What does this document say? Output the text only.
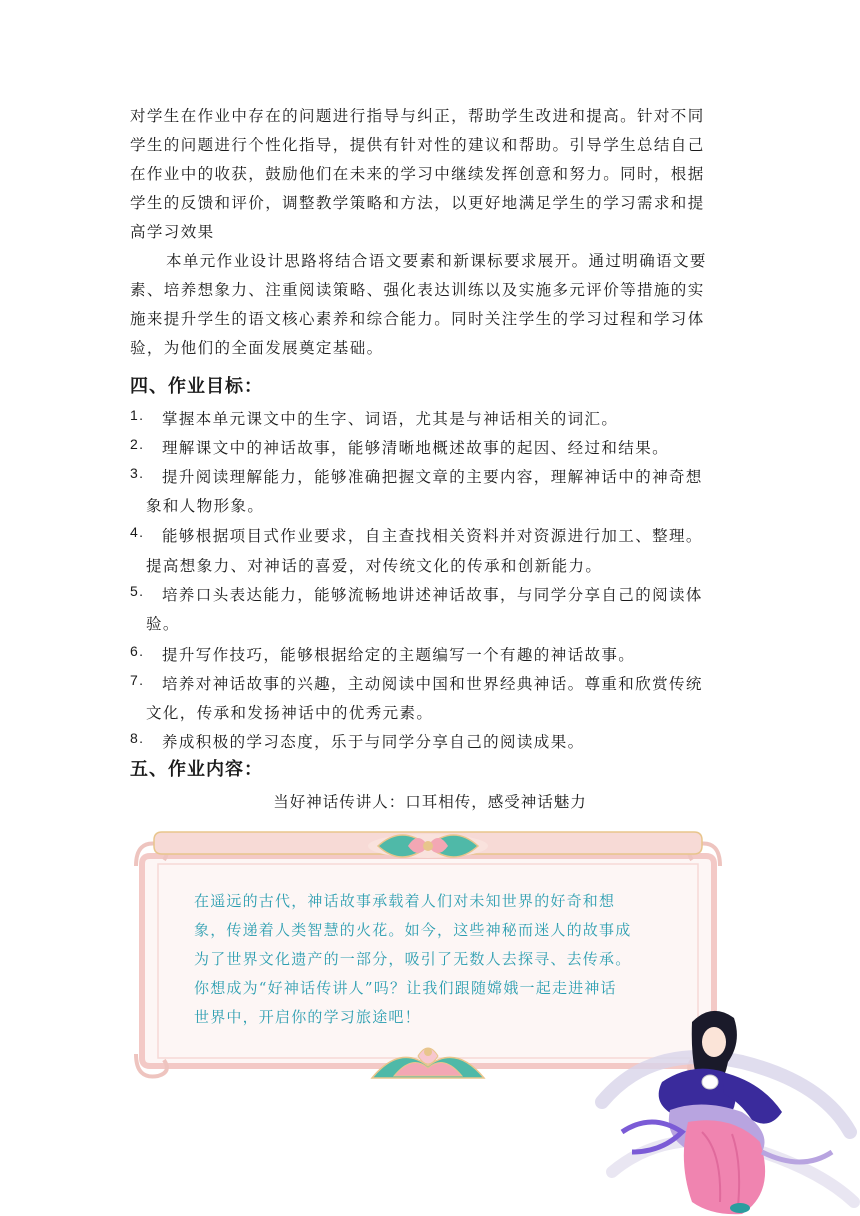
对学生在作业中存在的问题进行指导与纠正，帮助学生改进和提高。针对不同
学生的问题进行个性化指导，提供有针对性的建议和帮助。引导学生总结自己
在作业中的收获，鼓励他们在未来的学习中继续发挥创意和努力。同时，根据
学生的反馈和评价，调整教学策略和方法，以更好地满足学生的学习需求和提
高学习效果
本单元作业设计思路将结合语文要素和新课标要求展开。通过明确语文要
素、培养想象力、注重阅读策略、强化表达训练以及实施多元评价等措施的实
施来提升学生的语文核心素养和综合能力。同时关注学生的学习过程和学习体
验，为他们的全面发展奠定基础。
四、作业目标：
1. 掌握本单元课文中的生字、词语，尤其是与神话相关的词汇。
2. 理解课文中的神话故事，能够清晰地概述故事的起因、经过和结果。
3. 提升阅读理解能力，能够准确把握文章的主要内容，理解神话中的神奇想
象和人物形象。
4. 能够根据项目式作业要求，自主查找相关资料并对资源进行加工、整理。
提高想象力、对神话的喜爱，对传统文化的传承和创新能力。
5. 培养口头表达能力，能够流畅地讲述神话故事，与同学分享自己的阅读体
验。
6. 提升写作技巧，能够根据给定的主题编写一个有趣的神话故事。
7. 培养对神话故事的兴趣，主动阅读中国和世界经典神话。尊重和欣赏传统
文化，传承和发扬神话中的优秀元素。
8. 养成积极的学习态度，乐于与同学分享自己的阅读成果。
五、作业内容：
当好神话传讲人：口耳相传，感受神话魅力
在遥远的古代，神话故事承载着人们对未知世界的好奇和想
象，传递着人类智慧的火花。如今，这些神秘而迷人的故事成
为了世界文化遗产的一部分，吸引了无数人去探寻、去传承。
你想成为“好神话传讲人”吗？让我们跟随嫦娥一起走进神话
世界中，开启你的学习旅途吧！
